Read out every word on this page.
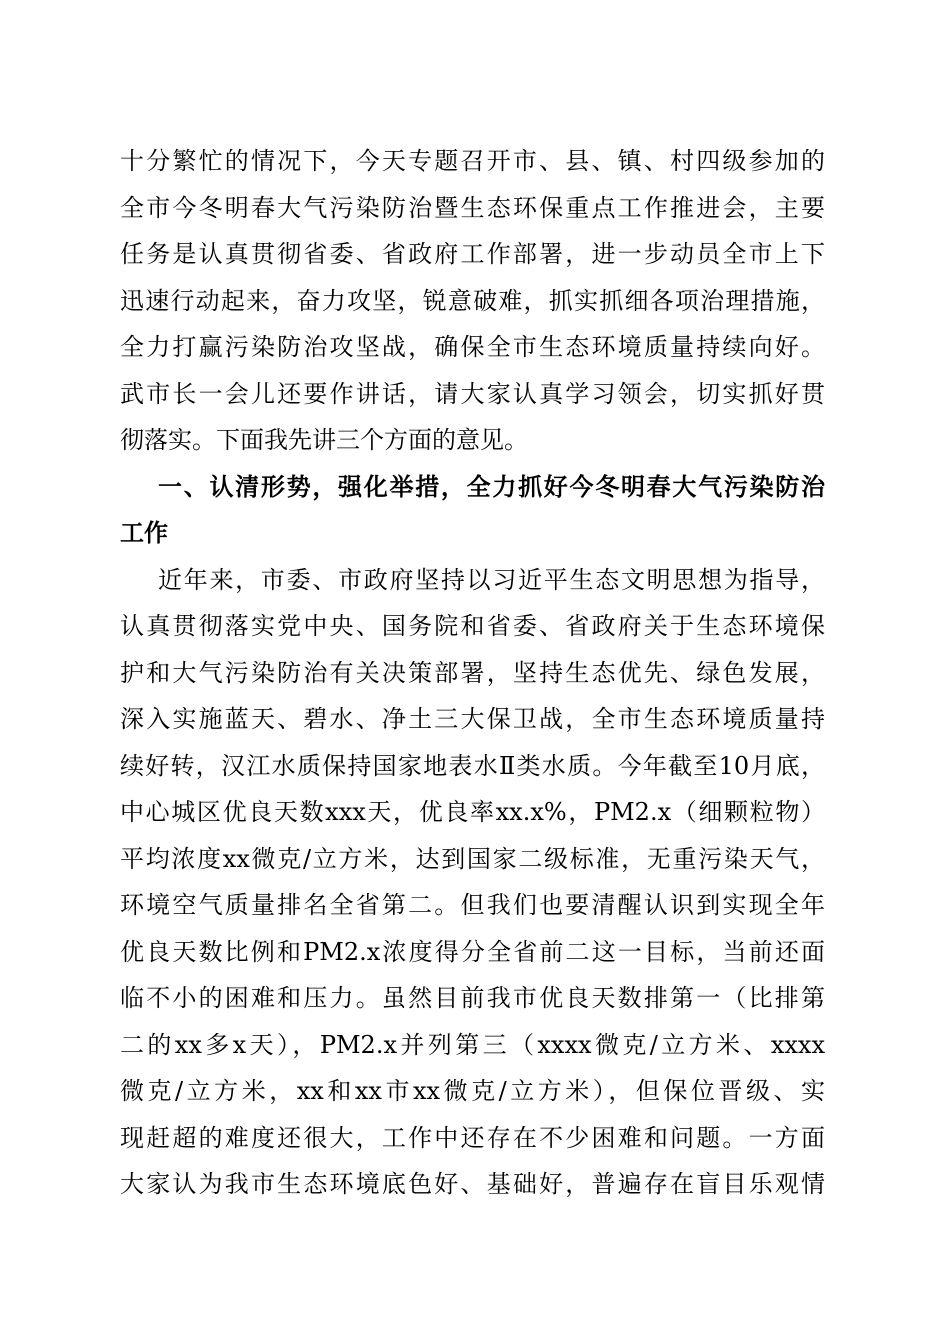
十分繁忙的情况下，今天专题召开市、县、镇、村四级参加的
全市今冬明春大气污染防治暨生态环保重点工作推进会，主要
任务是认真贯彻省委、省政府工作部署，进一步动员全市上下
迅速行动起来，奋力攻坚，锐意破难，抓实抓细各项治理措施，
全力打赢污染防治攻坚战，确保全市生态环境质量持续向好。
武市长一会儿还要作讲话，请大家认真学习领会，切实抓好贯
彻落实。下面我先讲三个方面的意见。
一、认清形势，强化举措，全力抓好今冬明春大气污染防治
工作
近年来，市委、市政府坚持以习近平生态文明思想为指导，
认真贯彻落实党中央、国务院和省委、省政府关于生态环境保
护和大气污染防治有关决策部署，坚持生态优先、绿色发展，
深入实施蓝天、碧水、净土三大保卫战，全市生态环境质量持
续好转，汉江水质保持国家地表水Ⅱ类水质。今年截至10月底，
中心城区优良天数xxx天，优良率xx.x%，PM2.x（细颗粒物）
平均浓度xx微克/立方米，达到国家二级标准，无重污染天气，
环境空气质量排名全省第二。但我们也要清醒认识到实现全年
优良天数比例和PM2.x浓度得分全省前二这一目标，当前还面
临不小的困难和压力。虽然目前我市优良天数排第一（比排第
二的xx多x天），PM2.x并列第三（xxxx微克/立方米、xxxx
微克/立方米，xx和xx市xx微克/立方米），但保位晋级、实
现赶超的难度还很大，工作中还存在不少困难和问题。一方面
大家认为我市生态环境底色好、基础好，普遍存在盲目乐观情
